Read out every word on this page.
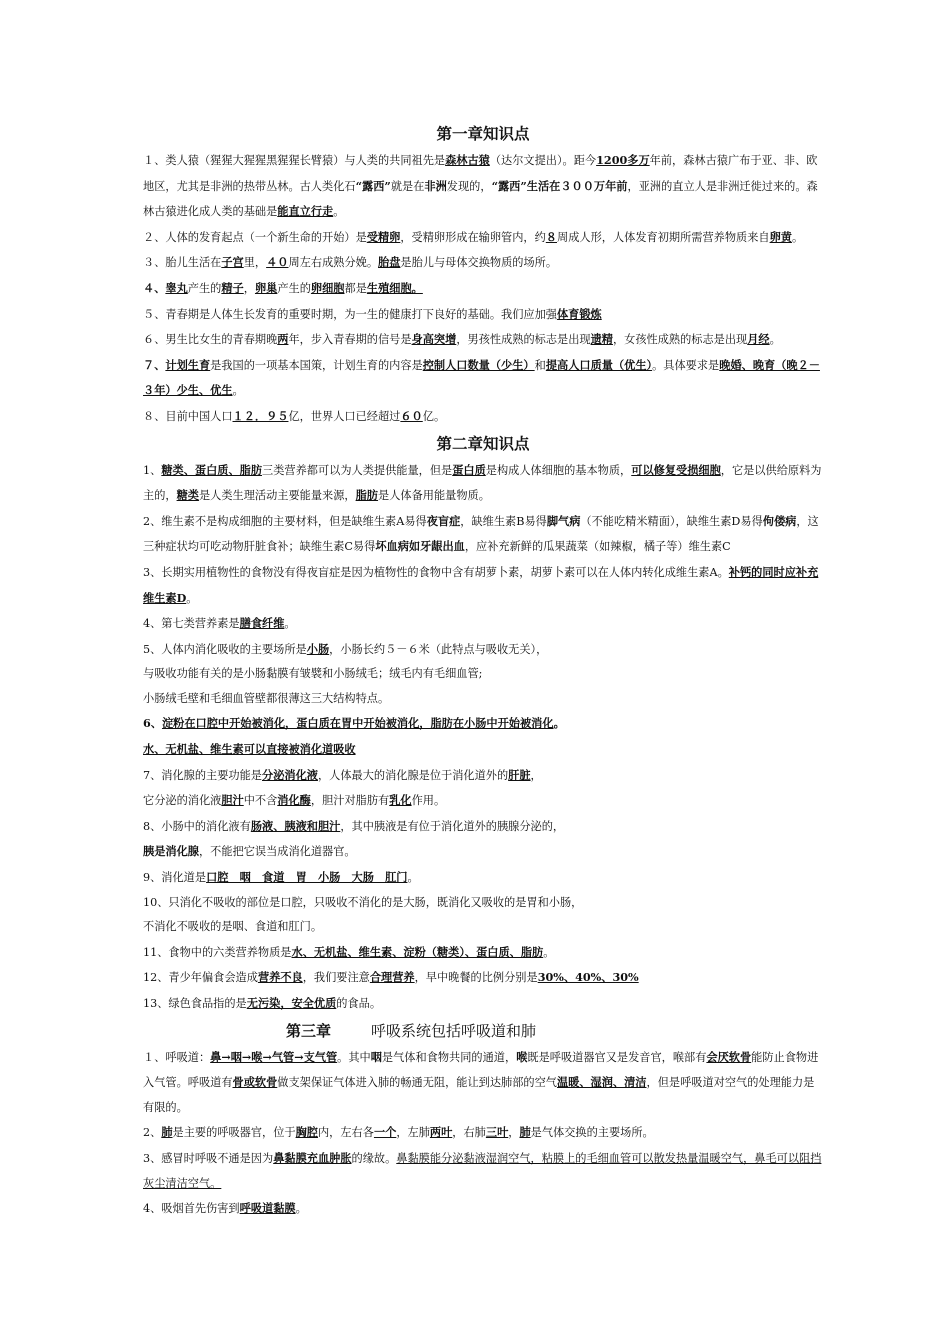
第一章知识点

１、类人猿（猩猩大猩猩黑猩猩长臂猿）与人类的共同祖先是森林古猿（达尔文提出）。距今1200多万年前，森林古猿广布于亚、非、欧地区，尤其是非洲的热带丛林。古人类化石“露西”就是在非洲发现的，“露西”生活在３００万年前，亚洲的直立人是非洲迁徙过来的。森林古猿进化成人类的基础是能直立行走。

２、人体的发育起点（一个新生命的开始）是受精卵，受精卵形成在输卵管内，约８周成人形，人体发育初期所需营养物质来自卵黄。

３、胎儿生活在子宫里，４０周左右成熟分娩。胎盘是胎儿与母体交换物质的场所。

４、睾丸产生的精子，卵巢产生的卵细胞都是生殖细胞。

５、青春期是人体生长发育的重要时期，为一生的健康打下良好的基础。我们应加强体育锻炼

６、男生比女生的青春期晚两年，步入青春期的信号是身高突增，男孩性成熟的标志是出现遗精，女孩性成熟的标志是出现月经。

７、计划生育是我国的一项基本国策，计划生育的内容是控制人口数量（少生）和提高人口质量（优生）。具体要求是晚婚、晚育（晚２－３年）少生、优生。

８、目前中国人口１２．９５亿，世界人口已经超过６０亿。

第二章知识点

1、糖类、蛋白质、脂肪三类营养都可以为人类提供能量，但是蛋白质是构成人体细胞的基本物质，可以修复受损细胞，它是以供给原料为主的，糖类是人类生理活动主要能量来源，脂肪是人体备用能量物质。

2、维生素不是构成细胞的主要材料，但是缺维生素A易得夜盲症，缺维生素B易得脚气病（不能吃精米精面），缺维生素D易得佝偻病，这三种症状均可吃动物肝脏食补；缺维生素C易得坏血病如牙龈出血，应补充新鲜的瓜果蔬菜（如辣椒，橘子等）维生素C

3、长期实用植物性的食物没有得夜盲症是因为植物性的食物中含有胡萝卜素，胡萝卜素可以在人体内转化成维生素A。补钙的同时应补充维生素D。

4、第七类营养素是膳食纤维。

5、人体内消化吸收的主要场所是小肠，小肠长约５－６米（此特点与吸收无关），

与吸收功能有关的是小肠黏膜有皱襞和小肠绒毛；绒毛内有毛细血管;

小肠绒毛壁和毛细血管壁都很薄这三大结构特点。

6、淀粉在口腔中开始被消化，蛋白质在胃中开始被消化，脂肪在小肠中开始被消化。

水、无机盐、维生素可以直接被消化道吸收

7、消化腺的主要功能是分泌消化液，人体最大的消化腺是位于消化道外的肝脏，

它分泌的消化液胆汁中不含消化酶，胆汁对脂肪有乳化作用。

8、小肠中的消化液有肠液、胰液和胆汁，其中胰液是有位于消化道外的胰腺分泌的，

胰是消化腺，不能把它误当成消化道器官。

9、消化道是口腔　咽　食道　胃　小肠　大肠　肛门。

10、只消化不吸收的部位是口腔，只吸收不消化的是大肠，既消化又吸收的是胃和小肠，

不消化不吸收的是咽、食道和肛门。

11、食物中的六类营养物质是水、无机盐、维生素、淀粉（糖类）、蛋白质、脂肪。

12、青少年偏食会造成营养不良，我们要注意合理营养，早中晚餐的比例分别是30%、40%、30%

13、绿色食品指的是无污染，安全优质的食品。

第三章	呼吸系统包括呼吸道和肺

１、呼吸道：鼻→咽→喉→气管→支气管。其中咽是气体和食物共同的通道，喉既是呼吸道器官又是发音官，喉部有会厌软骨能防止食物进入气管。呼吸道有骨或软骨做支架保证气体进入肺的畅通无阻，能让到达肺部的空气温暖、湿润、清洁，但是呼吸道对空气的处理能力是有限的。

2、肺是主要的呼吸器官，位于胸腔内，左右各一个，左肺两叶，右肺三叶，肺是气体交换的主要场所。

3、感冒时呼吸不通是因为鼻黏膜充血肿胀的缘故。鼻黏膜能分泌黏液湿润空气，粘膜上的毛细血管可以散发热量温暖空气，鼻毛可以阻挡灰尘清洁空气。

4、吸烟首先伤害到呼吸道黏膜。
